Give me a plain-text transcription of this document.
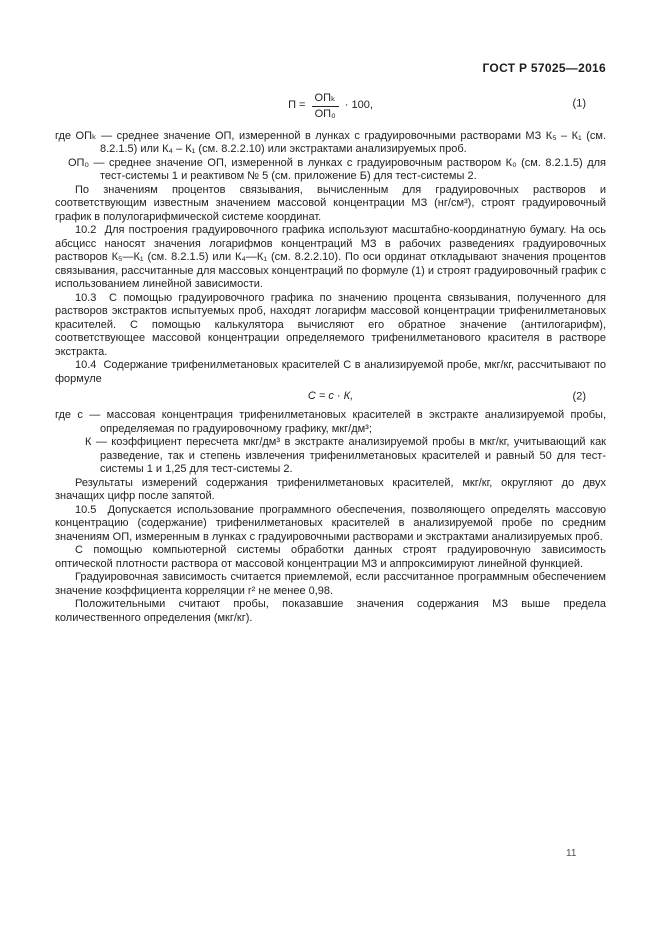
ГОСТ Р 57025—2016
$П = \frac{\text{ОПₖ}}{\text{ОП₀}} \cdot 100$,	(1)

где ОПₖ — среднее значение ОП, измеренной в лунках с градуировочными растворами МЗ К₅ – К₁ (см. 8.2.1.5) или К₄ – К₁ (см. 8.2.2.10) или экстрактами анализируемых проб.

ОП₀ — среднее значение ОП, измеренной в лунках с градуировочным раствором К₀ (см. 8.2.1.5) для тест-системы 1 и реактивом № 5 (см. приложение Б) для тест-системы 2.

По значениям процентов связывания, вычисленным для градуировочных растворов и соответствующим известным значением массовой концентрации МЗ (нг/см³), строят градуировочный график в полулогарифмической системе координат.

10.2  Для построения градуировочного графика используют масштабно-координатную бумагу. На ось абсцисс наносят значения логарифмов концентраций МЗ в рабочих разведениях градуировочных растворов К₅—К₁ (см. 8.2.1.5) или К₄—К₁ (см. 8.2.2.10). По оси ординат откладывают значения процентов связывания, рассчитанные для массовых концентраций по формуле (1) и строят градуировочный график с использованием линейной зависимости.

10.3  С помощью градуировочного графика по значению процента связывания, полученного для растворов экстрактов испытуемых проб, находят логарифм массовой концентрации трифенилметановых красителей. С помощью калькулятора вычисляют его обратное значение (антилогарифм), соответствующее массовой концентрации определяемого трифенилметанового красителя в растворе экстракта.

10.4  Содержание трифенилметановых красителей С в анализируемой пробе, мкг/кг, рассчитывают по формуле

С = с · К,	(2)

где с — массовая концентрация трифенилметановых красителей в экстракте анализируемой пробы, определяемая по градуировочному графику, мкг/дм³;

К — коэффициент пересчета мкг/дм³ в экстракте анализируемой пробы в мкг/кг, учитывающий как разведение, так и степень извлечения трифенилметановых красителей и равный 50 для тест-системы 1 и 1,25 для тест-системы 2.

Результаты измерений содержания трифенилметановых красителей, мкг/кг, округляют до двух значащих цифр после запятой.

10.5  Допускается использование программного обеспечения, позволяющего определять массовую концентрацию (содержание) трифенилметановых красителей в анализируемой пробе по средним значениям ОП, измеренным в лунках с градуировочными растворами и экстрактами анализируемых проб.

С помощью компьютерной системы обработки данных строят градуировочную зависимость оптической плотности раствора от массовой концентрации МЗ и аппроксимируют линейной функцией.

Градуировочная зависимость считается приемлемой, если рассчитанное программным обеспечением значение коэффициента корреляции r² не менее 0,98.

Положительными считают пробы, показавшие значения содержания МЗ выше предела количественного определения (мкг/кг).

11
